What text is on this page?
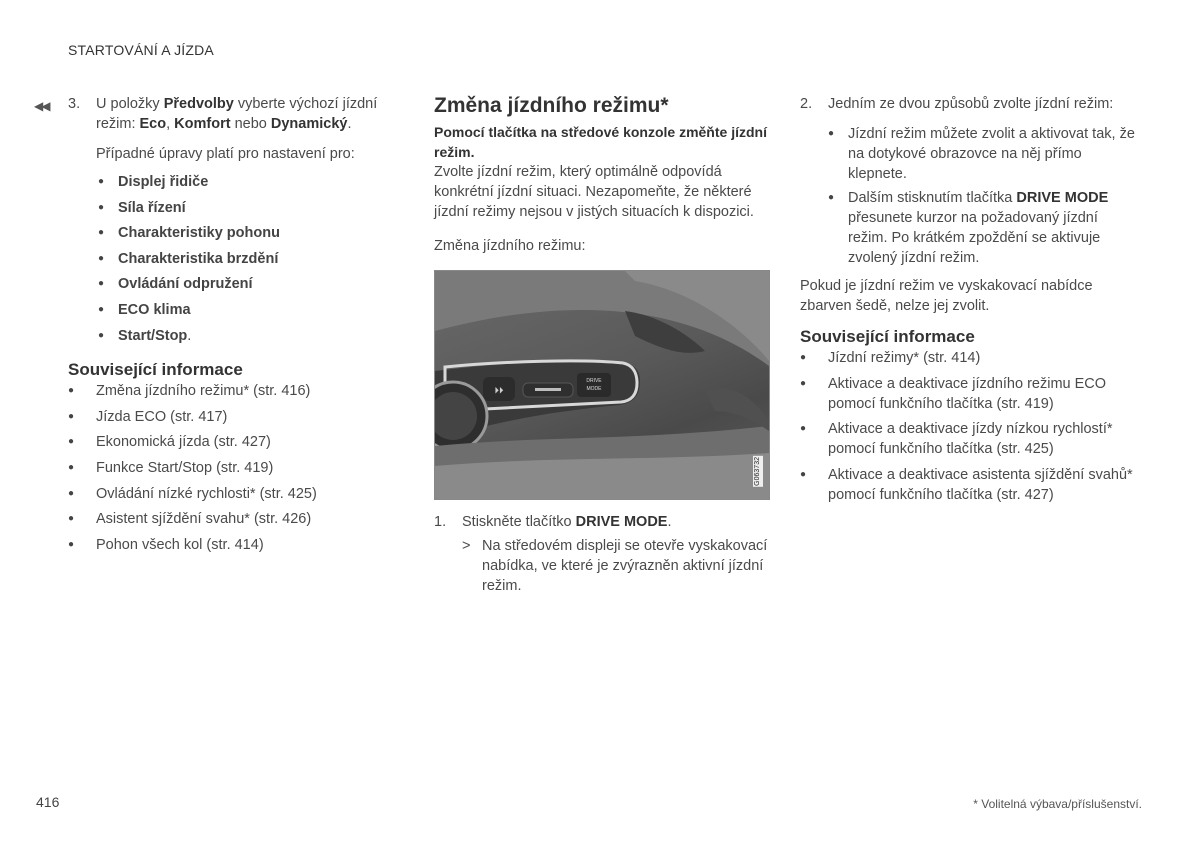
STARTOVÁNÍ A JÍZDA
◀◀ 3.	U položky Předvolby vyberte výchozí jízdní režim: Eco, Komfort nebo Dynamický.

Případné úpravy platí pro nastavení pro:

● Displej řidiče
● Síla řízení
● Charakteristiky pohonu
● Charakteristika brzdění
● Ovládání odpružení
● ECO klima
● Start/Stop.
Související informace
● Změna jízdního režimu* (str. 416)
● Jízda ECO (str. 417)
● Ekonomická jízda (str. 427)
● Funkce Start/Stop (str. 419)
● Ovládání nízké rychlosti* (str. 425)
● Asistent sjíždění svahu* (str. 426)
● Pohon všech kol (str. 414)
Změna jízdního režimu*

Pomocí tlačítka na středové konzole změňte jízdní režim.

Zvolte jízdní režim, který optimálně odpovídá konkrétní jízdní situaci. Nezapomeňte, že některé jízdní režimy nejsou v jistých situacích k dispozici.

Změna jízdního režimu:

⏵⏵
DRIVE
MODE
G063732
1.	Stiskněte tlačítko DRIVE MODE.

> Na středovém displeji se otevře vyskakovací nabídka, ve které je zvýrazněn aktivní jízdní režim.

2.	Jedním ze dvou způsobů zvolte jízdní režim:

● Jízdní režim můžete zvolit a aktivovat tak, že na dotykové obrazovce na něj přímo klepnete.
● Dalším stisknutím tlačítka DRIVE MODE přesunete kurzor na požadovaný jízdní režim. Po krátkém zpoždění se aktivuje zvolený jízdní režim.

Pokud je jízdní režim ve vyskakovací nabídce zbarven šedě, nelze jej zvolit.

Související informace
● Jízdní režimy* (str. 414)
● Aktivace a deaktivace jízdního režimu ECO pomocí funkčního tlačítka (str. 419)
● Aktivace a deaktivace jízdy nízkou rychlostí* pomocí funkčního tlačítka (str. 425)
● Aktivace a deaktivace asistenta sjíždění svahů* pomocí funkčního tlačítka (str. 427)
416	* Volitelná výbava/příslušenství.
